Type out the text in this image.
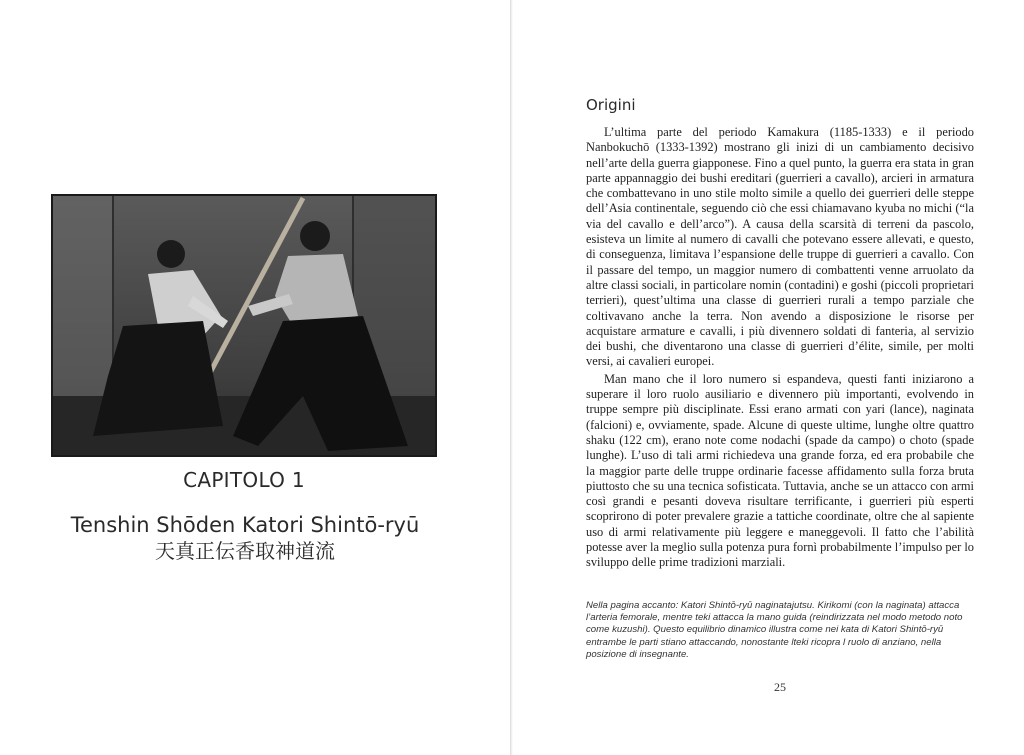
CAPITOLO 1
Tenshin Shōden Katori Shintō-ryū
天真正伝香取神道流
Origini

L’ultima parte del periodo Kamakura (1185-1333) e il periodo Nanbokuchō (1333-1392) mostrano gli inizi di un cambiamento decisivo nell’arte della guerra giapponese. Fino a quel punto, la guerra era stata in gran parte appannaggio dei bushi ereditari (guerrieri a cavallo), arcieri in armatura che combattevano in uno stile molto simile a quello dei guerrieri delle steppe dell’Asia continentale, seguendo ciò che essi chiamavano kyuba no michi (“la via del cavallo e dell’arco”). A causa della scarsità di terreni da pascolo, esisteva un limite al numero di cavalli che potevano essere allevati, e questo, di conseguenza, limitava l’espansione delle truppe di guerrieri a cavallo. Con il passare del tempo, un maggior numero di combattenti venne arruolato da altre classi sociali, in particolare nomin (contadini) e goshi (piccoli proprietari terrieri), quest’ultima una classe di guerrieri rurali a tempo parziale che coltivavano anche la terra. Non avendo a disposizione le risorse per acquistare armature e cavalli, i più divennero soldati di fanteria, al servizio dei bushi, che diventarono una classe di guerrieri d’élite, simile, per molti versi, ai cavalieri europei.

Man mano che il loro numero si espandeva, questi fanti iniziarono a superare il loro ruolo ausiliario e divennero più importanti, evolvendo in truppe sempre più disciplinate. Essi erano armati con yari (lance), naginata (falcioni) e, ovviamente, spade. Alcune di queste ultime, lunghe oltre quattro shaku (122 cm), erano note come nodachi (spade da campo) o choto (spade lunghe). L’uso di tali armi richiedeva una grande forza, ed era probabile che la maggior parte delle truppe ordinarie facesse affidamento sulla forza bruta piuttosto che su una tecnica sofisticata. Tuttavia, anche se un attacco con armi così grandi e pesanti doveva risultare terrificante, i guerrieri più esperti scoprirono di poter prevalere grazie a tattiche coordinate, oltre che al sapiente uso di armi relativamente più leggere e maneggevoli. Il fatto che l’abilità potesse aver la meglio sulla potenza pura fornì probabilmente l’impulso per lo sviluppo delle prime tradizioni marziali.

Nella pagina accanto: Katori Shintō-ryū naginatajutsu. Kirikomi (con la naginata) attacca l’arteria femorale, mentre teki attacca la mano guida (reindirizzata nel modo metodo noto come kuzushi). Questo equilibrio dinamico illustra come nei kata di Katori Shintō-ryū entrambe le parti stiano attaccando, nonostante lteki ricopra l ruolo di anziano, nella posizione di insegnante.

25
